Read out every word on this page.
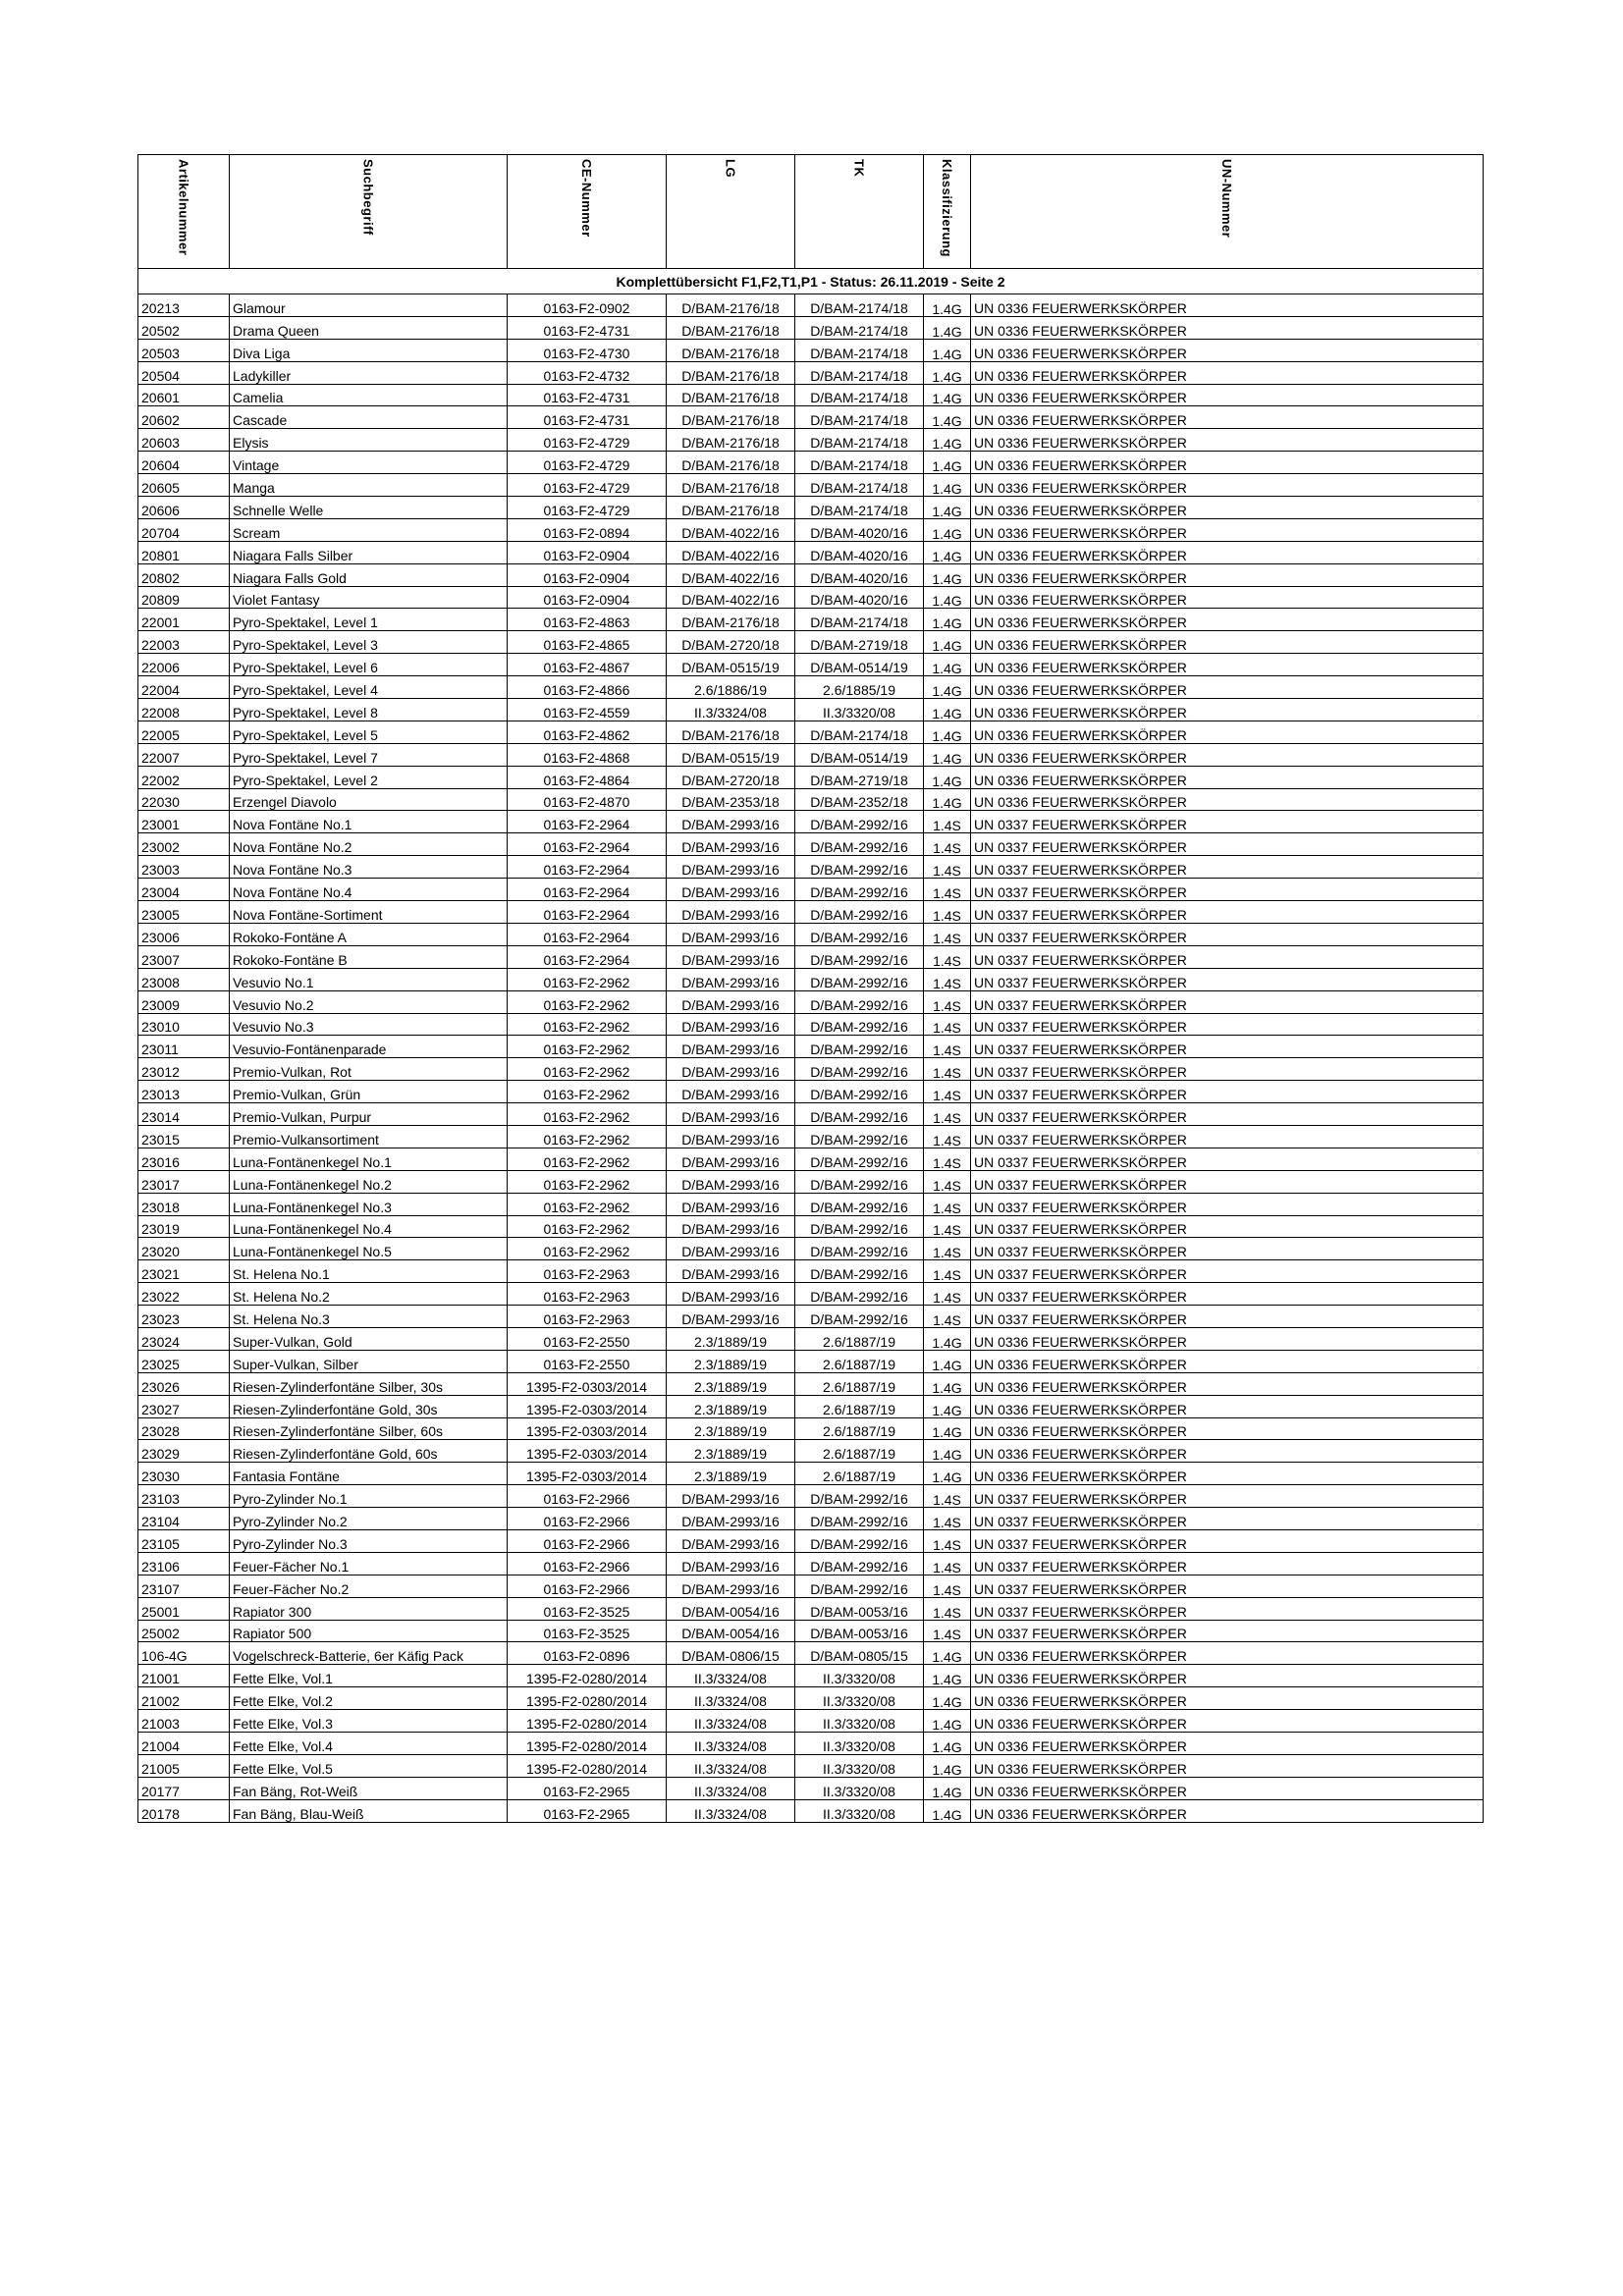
Artikelnummer	Suchbegriff	CE-Nummer	LG	TK	Klassifizierung	UN-Nummer
Komplettübersicht F1,F2,T1,P1 - Status: 26.11.2019 - Seite 2						
20213	Glamour	0163-F2-0902	D/BAM-2176/18	D/BAM-2174/18	1.4G	UN 0336 FEUERWERKSKÖRPER
20502	Drama Queen	0163-F2-4731	D/BAM-2176/18	D/BAM-2174/18	1.4G	UN 0336 FEUERWERKSKÖRPER
20503	Diva Liga	0163-F2-4730	D/BAM-2176/18	D/BAM-2174/18	1.4G	UN 0336 FEUERWERKSKÖRPER
20504	Ladykiller	0163-F2-4732	D/BAM-2176/18	D/BAM-2174/18	1.4G	UN 0336 FEUERWERKSKÖRPER
20601	Camelia	0163-F2-4731	D/BAM-2176/18	D/BAM-2174/18	1.4G	UN 0336 FEUERWERKSKÖRPER
20602	Cascade	0163-F2-4731	D/BAM-2176/18	D/BAM-2174/18	1.4G	UN 0336 FEUERWERKSKÖRPER
20603	Elysis	0163-F2-4729	D/BAM-2176/18	D/BAM-2174/18	1.4G	UN 0336 FEUERWERKSKÖRPER
20604	Vintage	0163-F2-4729	D/BAM-2176/18	D/BAM-2174/18	1.4G	UN 0336 FEUERWERKSKÖRPER
20605	Manga	0163-F2-4729	D/BAM-2176/18	D/BAM-2174/18	1.4G	UN 0336 FEUERWERKSKÖRPER
20606	Schnelle Welle	0163-F2-4729	D/BAM-2176/18	D/BAM-2174/18	1.4G	UN 0336 FEUERWERKSKÖRPER
20704	Scream	0163-F2-0894	D/BAM-4022/16	D/BAM-4020/16	1.4G	UN 0336 FEUERWERKSKÖRPER
20801	Niagara Falls Silber	0163-F2-0904	D/BAM-4022/16	D/BAM-4020/16	1.4G	UN 0336 FEUERWERKSKÖRPER
20802	Niagara Falls Gold	0163-F2-0904	D/BAM-4022/16	D/BAM-4020/16	1.4G	UN 0336 FEUERWERKSKÖRPER
20809	Violet Fantasy	0163-F2-0904	D/BAM-4022/16	D/BAM-4020/16	1.4G	UN 0336 FEUERWERKSKÖRPER
22001	Pyro-Spektakel, Level 1	0163-F2-4863	D/BAM-2176/18	D/BAM-2174/18	1.4G	UN 0336 FEUERWERKSKÖRPER
22003	Pyro-Spektakel, Level 3	0163-F2-4865	D/BAM-2720/18	D/BAM-2719/18	1.4G	UN 0336 FEUERWERKSKÖRPER
22006	Pyro-Spektakel, Level 6	0163-F2-4867	D/BAM-0515/19	D/BAM-0514/19	1.4G	UN 0336 FEUERWERKSKÖRPER
22004	Pyro-Spektakel, Level 4	0163-F2-4866	2.6/1886/19	2.6/1885/19	1.4G	UN 0336 FEUERWERKSKÖRPER
22008	Pyro-Spektakel, Level 8	0163-F2-4559	II.3/3324/08	II.3/3320/08	1.4G	UN 0336 FEUERWERKSKÖRPER
22005	Pyro-Spektakel, Level 5	0163-F2-4862	D/BAM-2176/18	D/BAM-2174/18	1.4G	UN 0336 FEUERWERKSKÖRPER
22007	Pyro-Spektakel, Level 7	0163-F2-4868	D/BAM-0515/19	D/BAM-0514/19	1.4G	UN 0336 FEUERWERKSKÖRPER
22002	Pyro-Spektakel, Level 2	0163-F2-4864	D/BAM-2720/18	D/BAM-2719/18	1.4G	UN 0336 FEUERWERKSKÖRPER
22030	Erzengel Diavolo	0163-F2-4870	D/BAM-2353/18	D/BAM-2352/18	1.4G	UN 0336 FEUERWERKSKÖRPER
23001	Nova Fontäne No.1	0163-F2-2964	D/BAM-2993/16	D/BAM-2992/16	1.4S	UN 0337 FEUERWERKSKÖRPER
23002	Nova Fontäne No.2	0163-F2-2964	D/BAM-2993/16	D/BAM-2992/16	1.4S	UN 0337 FEUERWERKSKÖRPER
23003	Nova Fontäne No.3	0163-F2-2964	D/BAM-2993/16	D/BAM-2992/16	1.4S	UN 0337 FEUERWERKSKÖRPER
23004	Nova Fontäne No.4	0163-F2-2964	D/BAM-2993/16	D/BAM-2992/16	1.4S	UN 0337 FEUERWERKSKÖRPER
23005	Nova Fontäne-Sortiment	0163-F2-2964	D/BAM-2993/16	D/BAM-2992/16	1.4S	UN 0337 FEUERWERKSKÖRPER
23006	Rokoko-Fontäne A	0163-F2-2964	D/BAM-2993/16	D/BAM-2992/16	1.4S	UN 0337 FEUERWERKSKÖRPER
23007	Rokoko-Fontäne B	0163-F2-2964	D/BAM-2993/16	D/BAM-2992/16	1.4S	UN 0337 FEUERWERKSKÖRPER
23008	Vesuvio No.1	0163-F2-2962	D/BAM-2993/16	D/BAM-2992/16	1.4S	UN 0337 FEUERWERKSKÖRPER
23009	Vesuvio No.2	0163-F2-2962	D/BAM-2993/16	D/BAM-2992/16	1.4S	UN 0337 FEUERWERKSKÖRPER
23010	Vesuvio No.3	0163-F2-2962	D/BAM-2993/16	D/BAM-2992/16	1.4S	UN 0337 FEUERWERKSKÖRPER
23011	Vesuvio-Fontänenparade	0163-F2-2962	D/BAM-2993/16	D/BAM-2992/16	1.4S	UN 0337 FEUERWERKSKÖRPER
23012	Premio-Vulkan, Rot	0163-F2-2962	D/BAM-2993/16	D/BAM-2992/16	1.4S	UN 0337 FEUERWERKSKÖRPER
23013	Premio-Vulkan, Grün	0163-F2-2962	D/BAM-2993/16	D/BAM-2992/16	1.4S	UN 0337 FEUERWERKSKÖRPER
23014	Premio-Vulkan, Purpur	0163-F2-2962	D/BAM-2993/16	D/BAM-2992/16	1.4S	UN 0337 FEUERWERKSKÖRPER
23015	Premio-Vulkansortiment	0163-F2-2962	D/BAM-2993/16	D/BAM-2992/16	1.4S	UN 0337 FEUERWERKSKÖRPER
23016	Luna-Fontänenkegel No.1	0163-F2-2962	D/BAM-2993/16	D/BAM-2992/16	1.4S	UN 0337 FEUERWERKSKÖRPER
23017	Luna-Fontänenkegel No.2	0163-F2-2962	D/BAM-2993/16	D/BAM-2992/16	1.4S	UN 0337 FEUERWERKSKÖRPER
23018	Luna-Fontänenkegel No.3	0163-F2-2962	D/BAM-2993/16	D/BAM-2992/16	1.4S	UN 0337 FEUERWERKSKÖRPER
23019	Luna-Fontänenkegel No.4	0163-F2-2962	D/BAM-2993/16	D/BAM-2992/16	1.4S	UN 0337 FEUERWERKSKÖRPER
23020	Luna-Fontänenkegel No.5	0163-F2-2962	D/BAM-2993/16	D/BAM-2992/16	1.4S	UN 0337 FEUERWERKSKÖRPER
23021	St. Helena No.1	0163-F2-2963	D/BAM-2993/16	D/BAM-2992/16	1.4S	UN 0337 FEUERWERKSKÖRPER
23022	St. Helena No.2	0163-F2-2963	D/BAM-2993/16	D/BAM-2992/16	1.4S	UN 0337 FEUERWERKSKÖRPER
23023	St. Helena No.3	0163-F2-2963	D/BAM-2993/16	D/BAM-2992/16	1.4S	UN 0337 FEUERWERKSKÖRPER
23024	Super-Vulkan, Gold	0163-F2-2550	2.3/1889/19	2.6/1887/19	1.4G	UN 0336 FEUERWERKSKÖRPER
23025	Super-Vulkan, Silber	0163-F2-2550	2.3/1889/19	2.6/1887/19	1.4G	UN 0336 FEUERWERKSKÖRPER
23026	Riesen-Zylinderfontäne Silber, 30s	1395-F2-0303/2014	2.3/1889/19	2.6/1887/19	1.4G	UN 0336 FEUERWERKSKÖRPER
23027	Riesen-Zylinderfontäne Gold, 30s	1395-F2-0303/2014	2.3/1889/19	2.6/1887/19	1.4G	UN 0336 FEUERWERKSKÖRPER
23028	Riesen-Zylinderfontäne Silber, 60s	1395-F2-0303/2014	2.3/1889/19	2.6/1887/19	1.4G	UN 0336 FEUERWERKSKÖRPER
23029	Riesen-Zylinderfontäne Gold, 60s	1395-F2-0303/2014	2.3/1889/19	2.6/1887/19	1.4G	UN 0336 FEUERWERKSKÖRPER
23030	Fantasia Fontäne	1395-F2-0303/2014	2.3/1889/19	2.6/1887/19	1.4G	UN 0336 FEUERWERKSKÖRPER
23103	Pyro-Zylinder No.1	0163-F2-2966	D/BAM-2993/16	D/BAM-2992/16	1.4S	UN 0337 FEUERWERKSKÖRPER
23104	Pyro-Zylinder No.2	0163-F2-2966	D/BAM-2993/16	D/BAM-2992/16	1.4S	UN 0337 FEUERWERKSKÖRPER
23105	Pyro-Zylinder No.3	0163-F2-2966	D/BAM-2993/16	D/BAM-2992/16	1.4S	UN 0337 FEUERWERKSKÖRPER
23106	Feuer-Fächer No.1	0163-F2-2966	D/BAM-2993/16	D/BAM-2992/16	1.4S	UN 0337 FEUERWERKSKÖRPER
23107	Feuer-Fächer No.2	0163-F2-2966	D/BAM-2993/16	D/BAM-2992/16	1.4S	UN 0337 FEUERWERKSKÖRPER
25001	Rapiator 300	0163-F2-3525	D/BAM-0054/16	D/BAM-0053/16	1.4S	UN 0337 FEUERWERKSKÖRPER
25002	Rapiator 500	0163-F2-3525	D/BAM-0054/16	D/BAM-0053/16	1.4S	UN 0337 FEUERWERKSKÖRPER
106-4G	Vogelschreck-Batterie, 6er Käfig Pack	0163-F2-0896	D/BAM-0806/15	D/BAM-0805/15	1.4G	UN 0336 FEUERWERKSKÖRPER
21001	Fette Elke, Vol.1	1395-F2-0280/2014	II.3/3324/08	II.3/3320/08	1.4G	UN 0336 FEUERWERKSKÖRPER
21002	Fette Elke, Vol.2	1395-F2-0280/2014	II.3/3324/08	II.3/3320/08	1.4G	UN 0336 FEUERWERKSKÖRPER
21003	Fette Elke, Vol.3	1395-F2-0280/2014	II.3/3324/08	II.3/3320/08	1.4G	UN 0336 FEUERWERKSKÖRPER
21004	Fette Elke, Vol.4	1395-F2-0280/2014	II.3/3324/08	II.3/3320/08	1.4G	UN 0336 FEUERWERKSKÖRPER
21005	Fette Elke, Vol.5	1395-F2-0280/2014	II.3/3324/08	II.3/3320/08	1.4G	UN 0336 FEUERWERKSKÖRPER
20177	Fan Bäng, Rot-Weiß	0163-F2-2965	II.3/3324/08	II.3/3320/08	1.4G	UN 0336 FEUERWERKSKÖRPER
20178	Fan Bäng, Blau-Weiß	0163-F2-2965	II.3/3324/08	II.3/3320/08	1.4G	UN 0336 FEUERWERKSKÖRPER
